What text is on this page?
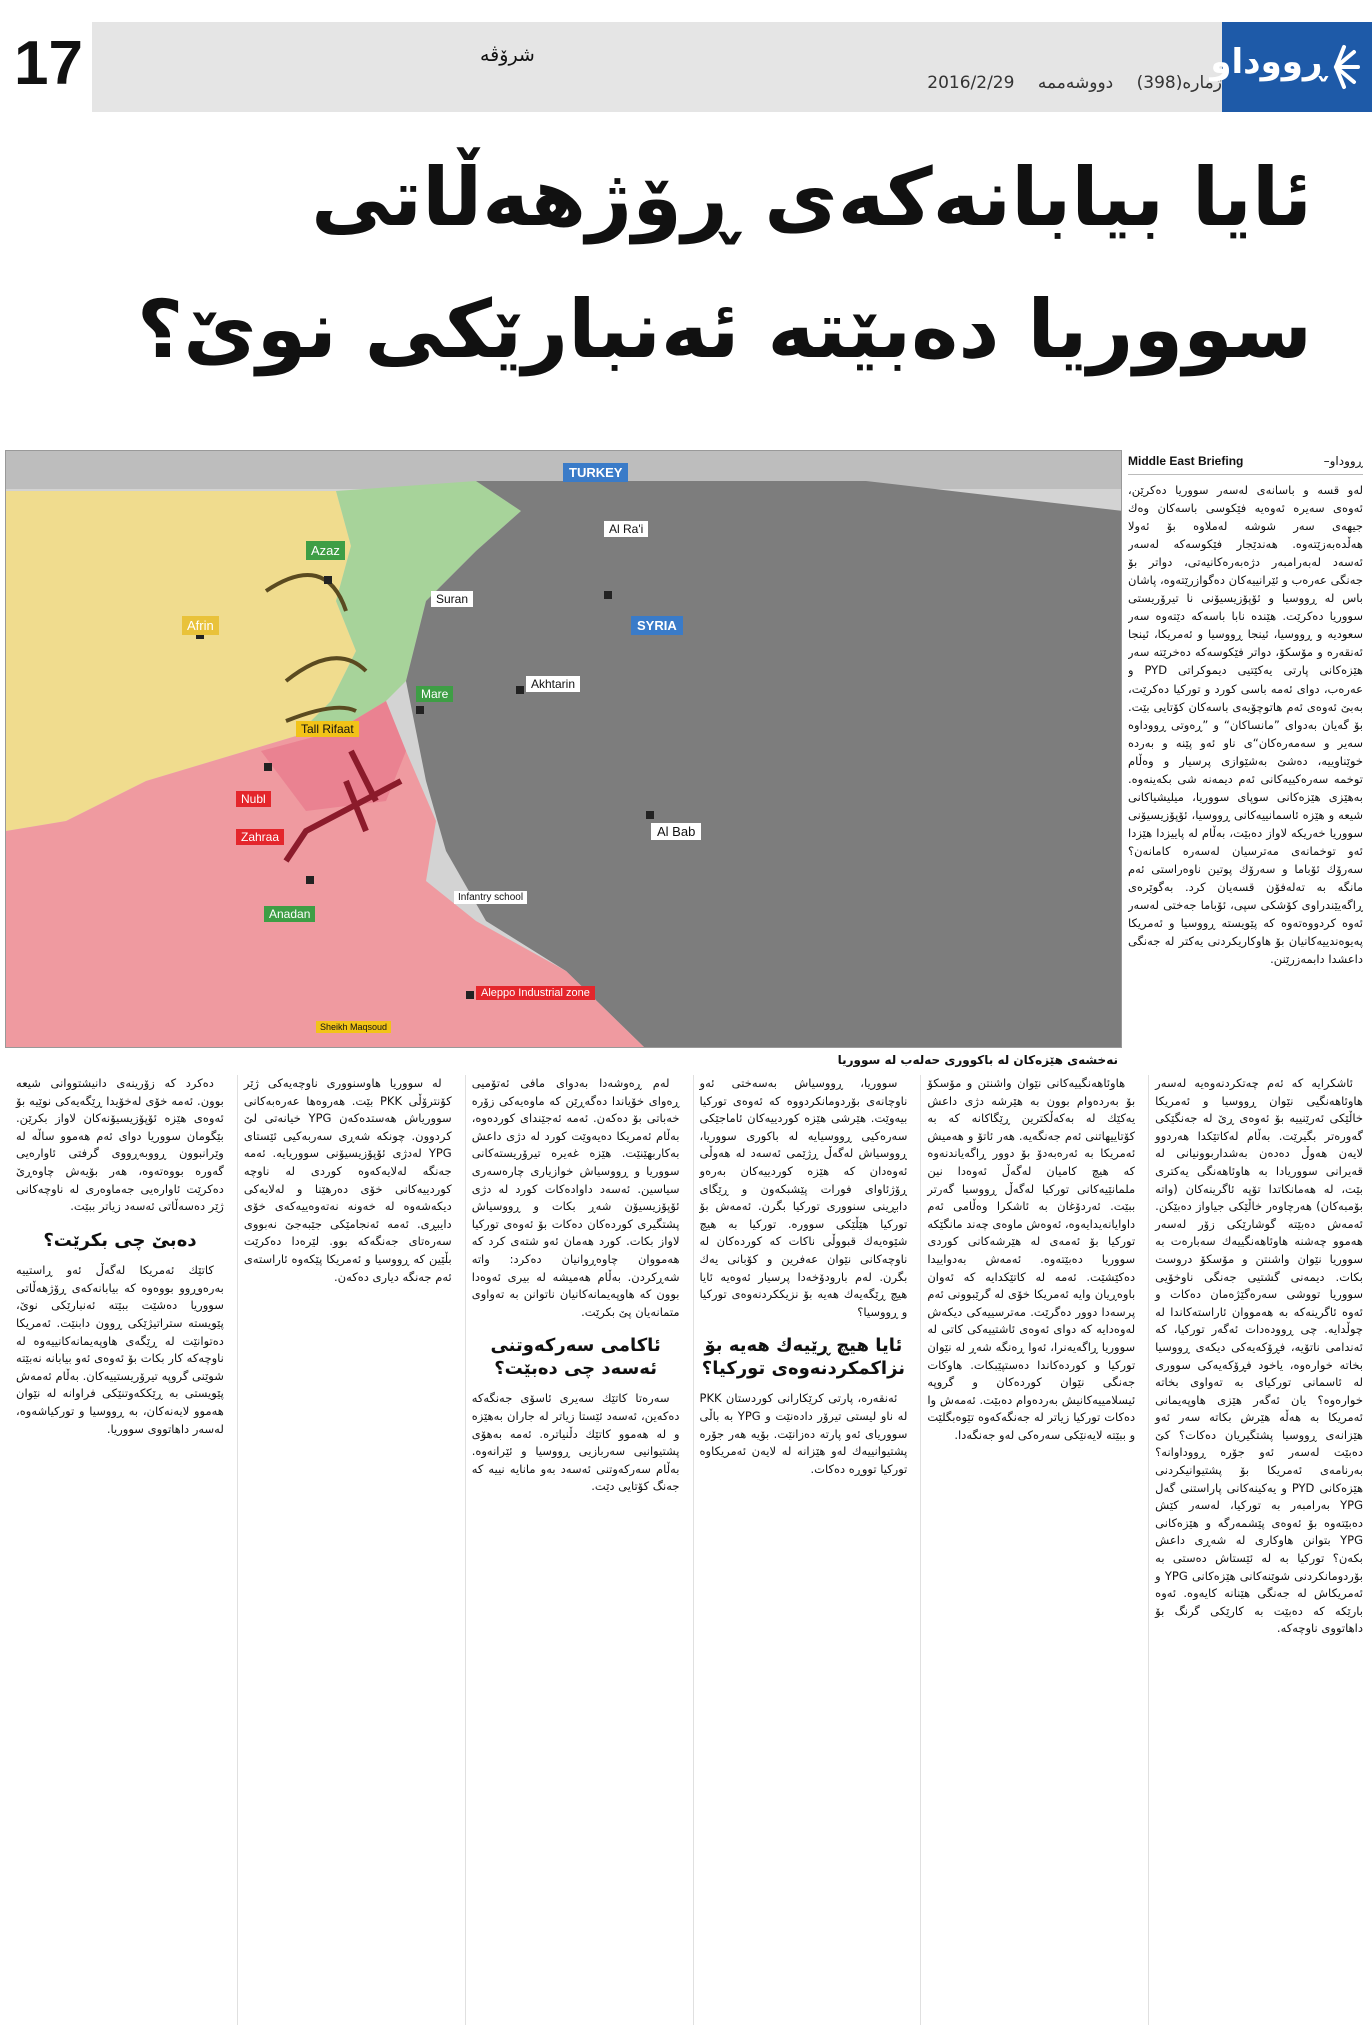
17	شرۆڤە
ژمارە(398) دووشەممە 2016/2/29
ڕووداو
ئایا بیابانەكەی ڕۆژهەڵاتی
سووریا دەبێتە ئەنبارێكی نوێ؟
TURKEY
SYRIA
Azaz
Afrin
Al Ra'i
Akhtarin
Suran
Mare
Tall Rifaat
Nubl
Zahraa
Anadan
Al Bab
Aleppo Industrial zone
Infantry school
Sheikh Maqsoud
نەخشەی هێزەكان لە باكووری حەلەب لە سووریا
Middle East Briefing	ڕووداو–
لەو قسە و باسانەی لەسەر سووریا دەكرێن، ئەوەی سەیرە ئەوەیە فێكوسی باسەكان وەك جیهەی سەر شوشە لەملاوە بۆ ئەولا هەڵدەبەزێتەوە. هەندێجار فێكوسەكە لەسەر ئەسەد لەبەرامبەر دژەبەرەكانیەتی، دواتر بۆ جەنگی عەرەب و ئێرانییەكان دەگوازرێتەوە، پاشان باس لە ڕووسیا و ئۆپۆزیسیۆنی نا تیرۆریستی سووریا دەكرێت. هێندە نابا باسەكە دێتەوە سەر سعودیە و ڕووسیا، ئینجا ڕووسیا و ئەمریكا، ئینجا ئەنقەرە و مۆسكۆ، دواتر فێكوسەكە دەخرێتە سەر هێزەكانی پارتی یەكێتیی دیموكراتی PYD و عەرەب، دوای ئەمە باسی كورد و توركیا دەكرێت، بەبێ ئەوەی ئەم هاتوچۆیەی باسەكان كۆتایی بێت. بۆ گەیان بەدوای ”مانساكان“ و ”ڕەوتی ڕووداوە سەیر و سەمەرەكان“ی ناو ئەو پێنە و بەردە خوێناوییە، دەشێ بەشێوازی پرسیار و وەڵام توخمە سەرەكییەكانی ئەم دیمەنە شی بكەینەوە. بەهێزی هێزەكانی سوپای سووریا، میلیشیاكانی شیعە و هێزە ئاسمانییەكانی ڕووسیا، ئۆپۆزیسیۆنی سووریا خەریكە لاواز دەبێت، بەڵام لە پاییزدا هێزدا ئەو توخمانەی مەترسیان لەسەرە كامانەن؟ سەرۆك ئۆباما و سەرۆك پوتین ناوەراستی ئەم مانگە بە تەلەفۆن قسەیان كرد. بەگوێرەی ڕاگەیێندراوی كۆشكی سپی، ئۆباما جەختی لەسەر ئەوە كردووەتەوە كە پێویستە ڕووسیا و ئەمریكا پەیوەندییەكانیان بۆ هاوكاریكردنی یەكتر لە جەنگی داعشدا دابمەزرێنن.

ئاشكرایە كە ئەم چەتكردنەوەیە لەسەر هاوئاهەنگیی نێوان ڕووسیا و ئەمریكا خاڵێكی ئەرێنییە بۆ ئەوەی ڕێ لە جەنگێكی گەورەتر بگیرێت. بەڵام لەكاتێكدا هەردوو لایەن هەوڵ دەدەن بەشداربوونیانی لە قەیرانی سووریادا بە هاوئاهەنگی یەكتری بێت، لە هەمانكاتدا تۆپە ئاگرینەكان (واتە بۆمبەكان) هەرچاوەر خاڵێكی جیاواز دەبێكن. ئەمەش دەبێتە گوشارێكی زۆر لەسەر هەموو چەشنە هاوئاهەنگییەك سەبارەت بە سووریا نێوان واشنتن و مۆسكۆ دروست بكات. دیمەنی گشتیی جەنگی ناوخۆیی سووریا تووشی سەرەگێژەمان دەكات و ئەوە ئاگرینەكە بە هەمووان ئاراستەكاندا لە چوڵدایە. چی ڕوودەدات ئەگەر توركیا، كە ئەندامی ناتۆیە، فڕۆكەیەكی دیكەی ڕووسیا بخاتە خوارەوە، یاخود فڕۆكەیەكی سووری لە ئاسمانی توركیای بە تەواوی بخاتە خوارەوە؟ یان ئەگەر هێزی هاوپەیمانی ئەمریكا بە هەڵە هێرش بكاتە سەر ئەو هێزانەی ڕووسیا پشتگیریان دەكات؟ كێ دەبێت لەسەر ئەو جۆرە ڕووداوانە؟ بەرنامەی ئەمریكا بۆ پشتیوانیكردنی هێزەكانی PYD و یەكینەكانی پاراستنی گەل YPG بەرامبەر بە توركیا، لەسەر كێش دەبێتەوە بۆ ئەوەی پێشمەرگە و هێزەكانی YPG بتوانن هاوكاری لە شەڕی داعش بكەن؟ توركیا بە لە ئێستاش دەستی بە بۆردومانكردنی شوێنەكانی هێزەكانی YPG و ئەمریكاش لە جەنگی هێنانە كایەوە. ئەوە بارێكە كە دەبێت بە كارێكی گرنگ بۆ داهاتووی ناوچەكە.

هاوئاهەنگییەكانی نێوان واشنتن و مۆسكۆ بۆ بەردەوام بوون بە هێرشە دژی داعش یەكێك لە بەكەڵكترین ڕێگاكانە كە بە كۆتاییهاتنی ئەم جەنگەیە. هەر ئاتۆ و هەمیش ئەمریكا بە ئەرەبەدۆ بۆ دوور ڕاگەیاندنەوە كە هیچ كامیان لەگەڵ ئەوەدا نین ملمانێیەكانی توركیا لەگەڵ ڕووسیا گەرتر ببێت. ئەردۆغان بە ئاشكرا وەڵامی ئەم داوایانەیدایەوە، ئەوەش ماوەی چەند مانگێكە توركیا بۆ ئەمەی لە هێرشەكانی كوردی سووریا دەبێتەوە. ئەمەش بەدواییدا دەكێشێت. ئەمە لە كاتێكدایە كە ئەوان باوەڕیان وایە ئەمریكا خۆی لە گرێبوونی ئەم پرسەدا دوور دەگرێت. مەترسییەكی دیكەش لەوەدایە كە دوای ئەوەی ئاشتییەكی كاتی لە سووریا ڕاگەیەنرا، ئەوا ڕەنگە شەڕ لە نێوان توركیا و كوردەكاندا دەستپێبكات. هاوكات جەنگی نێوان كوردەكان و گروپە ئیسلامییەكانیش بەردەوام دەبێت. ئەمەش وا دەكات توركیا زیاتر لە جەنگەكەوە تێوەبگلێت و ببێتە لایەنێكی سەرەكی لەو جەنگەدا.

سووریا، ڕووسیاش بەسەختی ئەو ناوچانەی بۆردومانكردووە كە ئەوەی توركیا بیەوێت. هێرشی هێزە كوردییەكان ئاماجێكی سەرەكیی ڕووسیایە لە باكوری سووریا، ڕووسیاش لەگەڵ ڕژێمی ئەسەد لە هەوڵی ئەوەدان كە هێزە كوردییەكان بەرەو ڕۆژئاوای فورات پێشبكەون و ڕێگای دابڕینی سنووری توركیا بگرن. ئەمەش بۆ توركیا هێڵێكی سوورە. توركیا بە هیچ شێوەیەك قبووڵی ناكات كە كوردەكان لە ناوچەكانی نێوان عەفرین و كۆبانی یەك بگرن. لەم بارودۆخەدا پرسیار ئەوەیە ئایا هیچ ڕێگەیەك هەیە بۆ نزیككردنەوەی توركیا و ڕووسیا؟

ئایا هیچ ڕێیەك هەیە بۆ نزاكمكردنەوەی توركیا؟

ئەنقەرە، پارتی كرێكارانی كوردستان PKK لە ناو لیستی تیرۆر دادەنێت و YPG بە باڵی سووریای ئەو پارتە دەزانێت. بۆیە هەر جۆرە پشتیوانییەك لەو هێزانە لە لایەن ئەمریكاوە توركیا تووڕە دەكات.

لەم ڕەوشەدا بەدوای مافی ئەتۆمیی ڕەوای خۆیاندا دەگەڕێن كە ماوەیەكی زۆرە خەباتی بۆ دەكەن. ئەمە ئەجێندای كوردەوە، بەڵام ئەمریكا دەیەوێت كورد لە دژی داعش بەكاربهێنێت. هێزە غەیرە تیرۆریستەكانی سووریا و ڕووسیاش خوازیاری چارەسەری سیاسین. ئەسەد داوادەكات كورد لە دژی ئۆپۆزیسیۆن شەڕ بكات و ڕووسیاش پشتگیری كوردەكان دەكات بۆ ئەوەی توركیا لاواز بكات. كورد هەمان ئەو شتەی كرد كە هەمووان چاوەڕوانیان دەكرد: واتە شەڕكردن. بەڵام هەمیشە لە بیری ئەوەدا بوون كە هاوپەیمانەكانیان ناتوانن بە تەواوی متمانەیان پێ بكرێت.

ئاكامی سەركەوتنی ئەسەد چی دەبێت؟

سەرەتا كاتێك سەیری ئاسۆی جەنگەكە دەكەین، ئەسەد ئێستا زیاتر لە جاران بەهێزە و لە هەموو كاتێك دڵنیاترە. ئەمە بەهۆی پشتیوانیی سەربازیی ڕووسیا و ئێرانەوە. بەڵام سەركەوتنی ئەسەد بەو مانایە نییە كە جەنگ كۆتایی دێت.

لە سووریا هاوسنووری ناوچەیەكی ژێر كۆنترۆڵی PKK بێت. هەروەها عەرەبەكانی سووریاش هەستدەكەن YPG خیانەتی لێ كردوون. چونكە شەڕی سەربەكیی ئێستای YPG لەدژی ئۆپۆزیسیۆنی سووریایە. ئەمە جەنگە لەلایەكەوە كوردی لە ناوچە كوردییەكانی خۆی دەرهێنا و لەلایەكی دیكەشەوە لە خەونە نەتەوەییەكەی خۆی دایبڕی. ئەمە ئەنجامێكی جێبەجێ نەبووی سەرەتای جەنگەكە بوو. لێرەدا دەكرێت بڵێین كە ڕووسیا و ئەمریكا پێكەوە ئاراستەی ئەم جەنگە دیاری دەكەن.

دەكرد كە زۆرینەی دانیشتووانی شیعە بوون. ئەمە خۆی لەخۆیدا ڕێگەیەكی نوێیە بۆ ئەوەی هێزە ئۆپۆزیسیۆنەكان لاواز بكرێن. بێگومان سووریا دوای ئەم هەموو ساڵە لە وێرانبوون ڕووبەڕووی گرفتی ئاوارەیی گەورە بووەتەوە، هەر بۆیەش چاوەڕێ دەكرێت ئاوارەیی جەماوەری لە ناوچەكانی ژێر دەسەڵاتی ئەسەد زیاتر ببێت.

دەبێ چی بكرێت؟

كاتێك ئەمریكا لەگەڵ ئەو ڕاستییە بەرەوڕوو بووەوە كە بیابانەكەی ڕۆژهەڵاتی سووریا دەشێت ببێتە ئەنبارێكی نوێ، پێویستە ستراتیژێكی ڕوون دابنێت. ئەمریكا دەتوانێت لە ڕێگەی هاوپەیمانەكانییەوە لە ناوچەكە كار بكات بۆ ئەوەی ئەو بیابانە نەبێتە شوێنی گروپە تیرۆریستییەكان. بەڵام ئەمەش پێویستی بە ڕێككەوتنێكی فراوانە لە نێوان هەموو لایەنەكان، بە ڕووسیا و توركیاشەوە، لەسەر داهاتووی سووریا.
